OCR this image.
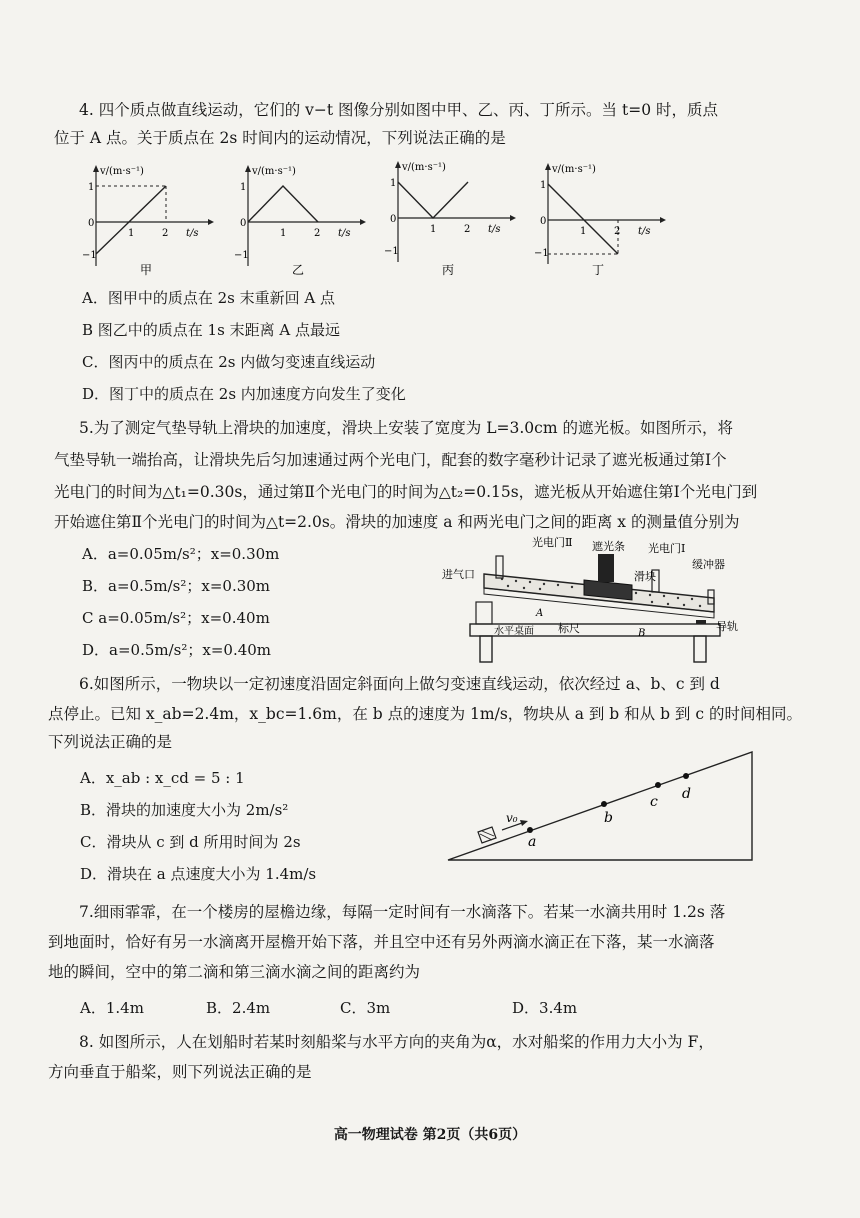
4. 四个质点做直线运动，它们的 v−t 图像分别如图中甲、乙、丙、丁所示。当 t=0 时，质点
位于 A 点。关于质点在 2s 时间内的运动情况，下列说法正确的是
v/(m·s⁻¹)
t/s
1
0
−1
1	2
甲
v/(m·s⁻¹)
t/s
1
0
−1
1	2
乙
v/(m·s⁻¹)
t/s
1
0
−1
1	2
丙
v/(m·s⁻¹)
t/s
1
0
−1
1	2
丁
A．图甲中的质点在 2s 末重新回 A 点
B 图乙中的质点在 1s 末距离 A 点最远
C．图丙中的质点在 2s 内做匀变速直线运动
D．图丁中的质点在 2s 内加速度方向发生了变化
5.为了测定气垫导轨上滑块的加速度，滑块上安装了宽度为 L=3.0cm 的遮光板。如图所示，将
气垫导轨一端抬高，让滑块先后匀加速通过两个光电门，配套的数字毫秒计记录了遮光板通过第Ⅰ个
光电门的时间为△t₁=0.30s，通过第Ⅱ个光电门的时间为△t₂=0.15s，遮光板从开始遮住第Ⅰ个光电门到
开始遮住第Ⅱ个光电门的时间为△t=2.0s。滑块的加速度 a 和两光电门之间的距离 x 的测量值分别为
A．a=0.05m/s²；x=0.30m
B．a=0.5m/s²；x=0.30m
C a=0.05m/s²；x=0.40m
D．a=0.5m/s²；x=0.40m
光电门Ⅱ 遮光条 光电门Ⅰ
滑块
进气口
缓冲器
导轨
水平桌面 标尺
A
B
6.如图所示，一物块以一定初速度沿固定斜面向上做匀变速直线运动，依次经过 a、b、c 到 d
点停止。已知 x_ab=2.4m，x_bc=1.6m，在 b 点的速度为 1m/s，物块从 a 到 b 和从 b 到 c 的时间相同。
下列说法正确的是
A．x_ab : x_cd = 5 : 1
B．滑块的加速度大小为 2m/s²
C．滑块从 c 到 d 所用时间为 2s
D．滑块在 a 点速度大小为 1.4m/s
v₀
a
b
c d
7.细雨霏霏，在一个楼房的屋檐边缘，每隔一定时间有一水滴落下。若某一水滴共用时 1.2s 落
到地面时，恰好有另一水滴离开屋檐开始下落，并且空中还有另外两滴水滴正在下落，某一水滴落
地的瞬间，空中的第二滴和第三滴水滴之间的距离约为
A．1.4m	B．2.4m	C．3m	D．3.4m
8. 如图所示，人在划船时若某时刻船桨与水平方向的夹角为α，水对船桨的作用力大小为 F，
方向垂直于船桨，则下列说法正确的是
高一物理试卷 第2页（共6页）
